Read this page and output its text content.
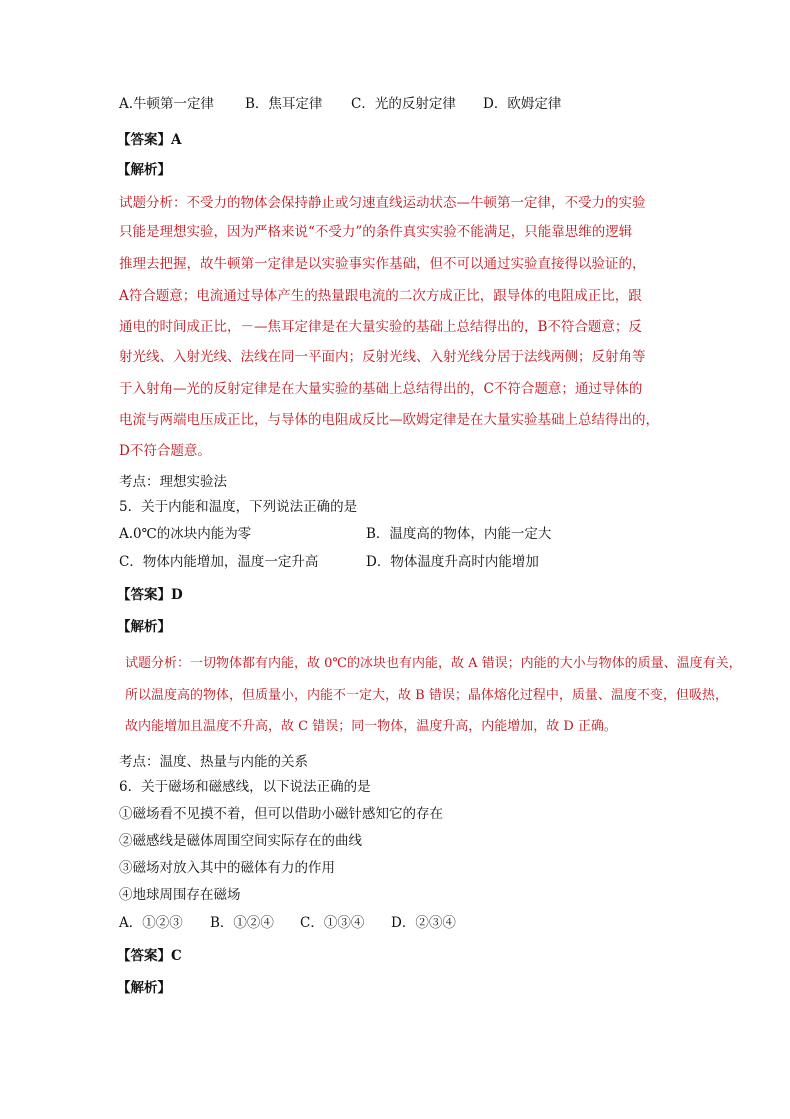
A.牛顿第一定律 B．焦耳定律 C．光的反射定律 D．欧姆定律
【答案】A
【解析】
试题分析：不受力的物体会保持静止或匀速直线运动状态—牛顿第一定律，不受力的实验
只能是理想实验，因为严格来说“不受力”的条件真实实验不能满足，只能靠思维的逻辑
推理去把握，故牛顿第一定律是以实验事实作基础，但不可以通过实验直接得以验证的，
A符合题意；电流通过导体产生的热量跟电流的二次方成正比，跟导体的电阻成正比，跟
通电的时间成正比，－—焦耳定律是在大量实验的基础上总结得出的，B不符合题意；反
射光线、入射光线、法线在同一平面内；反射光线、入射光线分居于法线两侧；反射角等
于入射角—光的反射定律是在大量实验的基础上总结得出的，C不符合题意；通过导体的
电流与两端电压成正比，与导体的电阻成反比—欧姆定律是在大量实验基础上总结得出的，
D不符合题意。
考点：理想实验法
5．关于内能和温度，下列说法正确的是
A.0℃的冰块内能为零	B．温度高的物体，内能一定大
C．物体内能增加，温度一定升高	D．物体温度升高时内能增加
【答案】D
【解析】
试题分析：一切物体都有内能，故 0℃的冰块也有内能，故 A 错误；内能的大小与物体的质量、温度有关，
所以温度高的物体，但质量小，内能不一定大，故 B 错误；晶体熔化过程中，质量、温度不变，但吸热，
故内能增加且温度不升高，故 C 错误；同一物体，温度升高，内能增加，故 D 正确。
考点：温度、热量与内能的关系
6．关于磁场和磁感线，以下说法正确的是
①磁场看不见摸不着，但可以借助小磁针感知它的存在
②磁感线是磁体周围空间实际存在的曲线
③磁场对放入其中的磁体有力的作用
④地球周围存在磁场
A．①②③ B．①②④ C．①③④ D．②③④
【答案】C
【解析】
